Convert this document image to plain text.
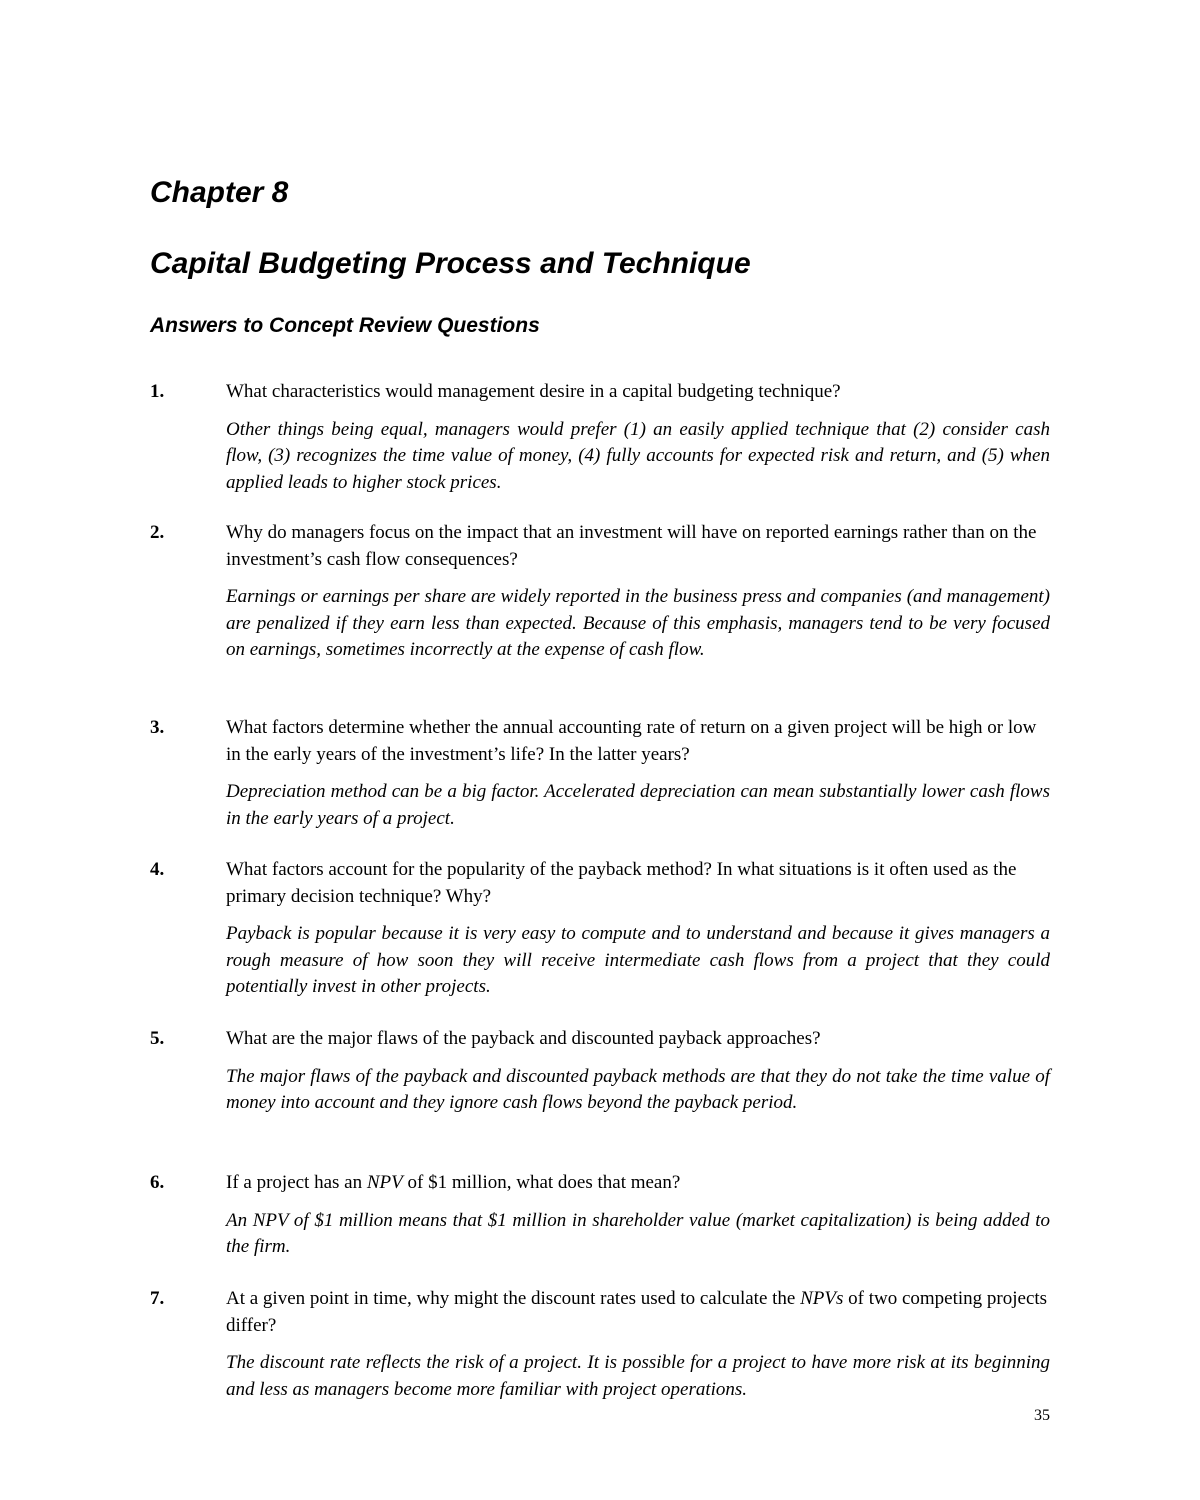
Chapter 8
Capital Budgeting Process and Technique
Answers to Concept Review Questions
1.	What characteristics would management desire in a capital budgeting technique?
Other things being equal, managers would prefer (1) an easily applied technique that (2) consider cash flow, (3) recognizes the time value of money, (4) fully accounts for expected risk and return, and (5) when applied leads to higher stock prices.
2.	Why do managers focus on the impact that an investment will have on reported earnings rather than on the investment’s cash flow consequences?
Earnings or earnings per share are widely reported in the business press and companies (and management) are penalized if they earn less than expected. Because of this emphasis, managers tend to be very focused on earnings, sometimes incorrectly at the expense of cash flow.
3.	What factors determine whether the annual accounting rate of return on a given project will be high or low in the early years of the investment’s life? In the latter years?
Depreciation method can be a big factor. Accelerated depreciation can mean substantially lower cash flows in the early years of a project.
4.	What factors account for the popularity of the payback method? In what situations is it often used as the primary decision technique? Why?
Payback is popular because it is very easy to compute and to understand and because it gives managers a rough measure of how soon they will receive intermediate cash flows from a project that they could potentially invest in other projects.
5.	What are the major flaws of the payback and discounted payback approaches?
The major flaws of the payback and discounted payback methods are that they do not take the time value of money into account and they ignore cash flows beyond the payback period.
6.	If a project has an NPV of $1 million, what does that mean?
An NPV of $1 million means that $1 million in shareholder value (market capitalization) is being added to the firm.
7.	At a given point in time, why might the discount rates used to calculate the NPVs of two competing projects differ?
The discount rate reflects the risk of a project. It is possible for a project to have more risk at its beginning and less as managers become more familiar with project operations.
35
